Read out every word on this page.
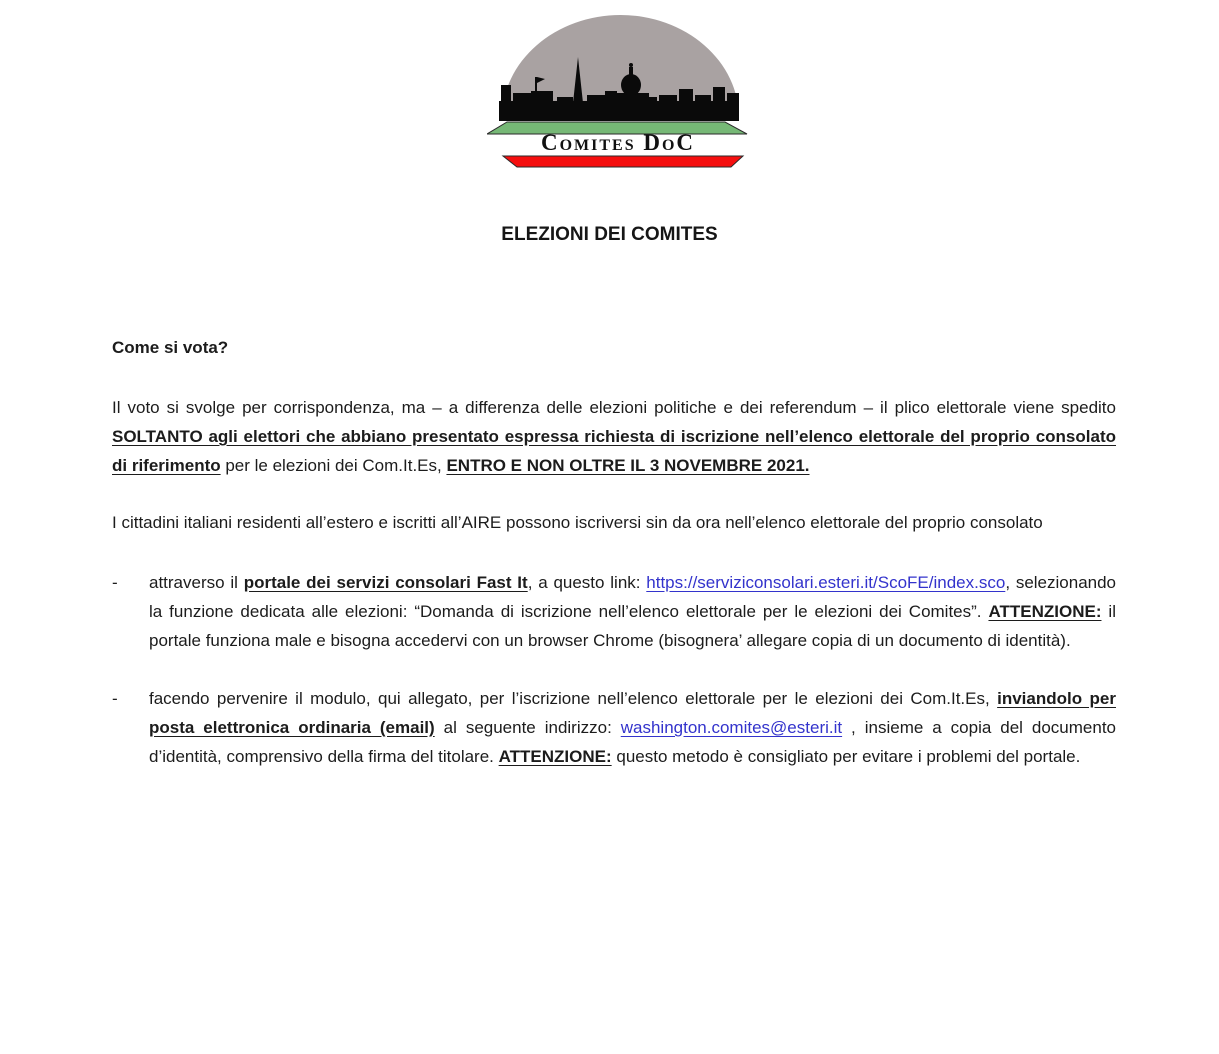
Comites DoC
ELEZIONI DEI COMITES
Come si vota?

Il voto si svolge per corrispondenza, ma – a differenza delle elezioni politiche e dei referendum – il plico elettorale viene spedito SOLTANTO agli elettori che abbiano presentato espressa richiesta di iscrizione nell’elenco elettorale del proprio consolato di riferimento per le elezioni dei Com.It.Es, ENTRO E NON OLTRE IL 3 NOVEMBRE 2021.

I cittadini italiani residenti all’estero e iscritti all’AIRE possono iscriversi sin da ora nell’elenco elettorale del proprio consolato

-	attraverso il portale dei servizi consolari Fast It, a questo link: https://serviziconsolari.esteri.it/ScoFE/index.sco, selezionando la funzione dedicata alle elezioni: “Domanda di iscrizione nell’elenco elettorale per le elezioni dei Comites”. ATTENZIONE: il portale funziona male e bisogna accedervi con un browser Chrome (bisognera’ allegare copia di un documento di identità).
-	facendo pervenire il modulo, qui allegato, per l’iscrizione nell’elenco elettorale per le elezioni dei Com.It.Es, inviandolo per posta elettronica ordinaria (email) al seguente indirizzo: washington.comites@esteri.it , insieme a copia del documento d’identità, comprensivo della firma del titolare. ATTENZIONE: questo metodo è consigliato per evitare i problemi del portale.
